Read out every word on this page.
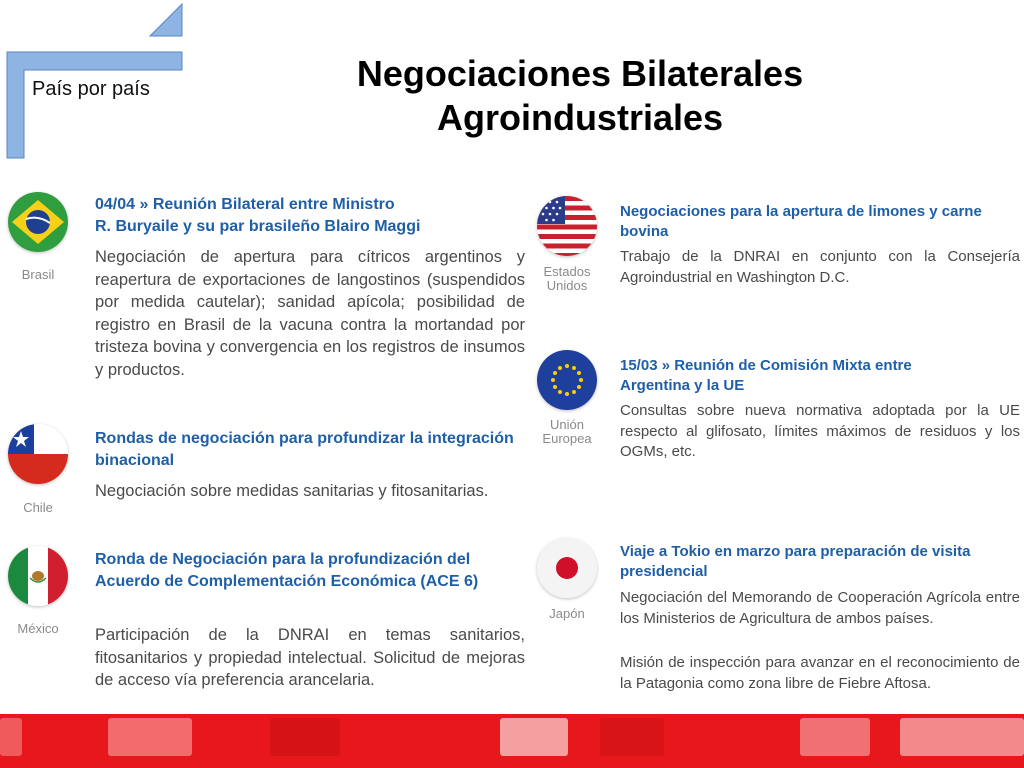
País por país	Negociaciones Bilaterales
Agroindustriales
Brasil
04/04 » Reunión Bilateral entre Ministro
R. Buryaile y su par brasileño Blairo Maggi
Negociación de apertura para cítricos argentinos y reapertura de exportaciones de langostinos (suspendidos por medida cautelar); sanidad apícola; posibilidad de registro en Brasil de la vacuna contra la mortandad por tristeza bovina y convergencia en los registros de insumos y productos.
Chile
Rondas de negociación para profundizar la integración binacional
Negociación sobre medidas sanitarias y fitosanitarias.
México
Ronda de Negociación para la profundización del Acuerdo de Complementación Económica (ACE 6)
Participación de la DNRAI en temas sanitarios, fitosanitarios y propiedad intelectual. Solicitud de mejoras de acceso vía preferencia arancelaria.
Estados
Unidos
Negociaciones para la apertura de limones y carne bovina
Trabajo de la DNRAI en conjunto con la Consejería Agroindustrial en Washington D.C.
Unión
Europea
15/03 » Reunión de Comisión Mixta entre
Argentina y la UE
Consultas sobre nueva normativa adoptada por la UE respecto al glifosato, límites máximos de residuos y los OGMs, etc.
Japón
Viaje a Tokio en marzo para preparación de visita presidencial
Negociación del Memorando de Cooperación Agrícola entre los Ministerios de Agricultura de ambos países.
Misión de inspección para avanzar en el reconocimiento de la Patagonia como zona libre de Fiebre Aftosa.
